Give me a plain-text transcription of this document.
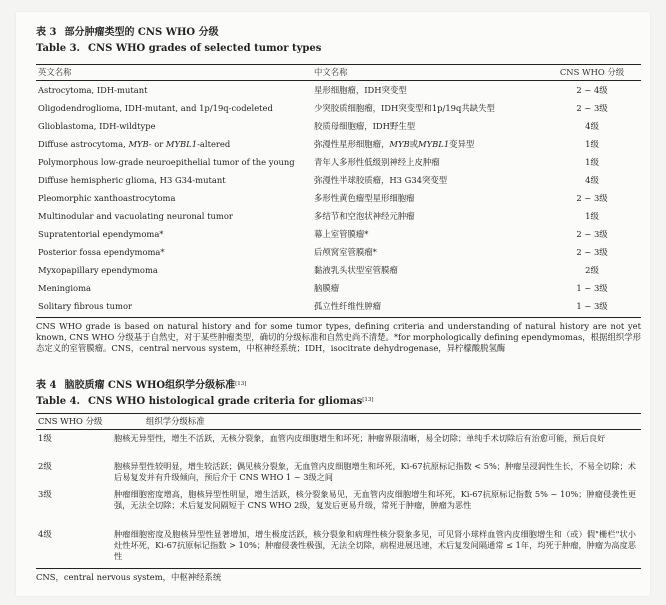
表 3 部分肿瘤类型的 CNS WHO 分级
Table 3. CNS WHO grades of selected tumor types
英文名称	中文名称	CNS WHO 分级
Astrocytoma, IDH-mutant	星形细胞瘤，IDH突变型	2 ~ 4级
Oligodendroglioma, IDH-mutant, and 1p/19q-codeleted	少突胶质细胞瘤，IDH突变型和1p/19q共缺失型	2 ~ 3级
Glioblastoma, IDH-wildtype	胶质母细胞瘤，IDH野生型	4级
Diffuse astrocytoma, MYB- or MYBL1-altered	弥漫性星形细胞瘤，MYB或MYBL1变异型	1级
Polymorphous low-grade neuroepithelial tumor of the young 青年人多形性低级别神经上皮肿瘤	1级
Diffuse hemispheric glioma, H3 G34-mutant	弥漫性半球胶质瘤，H3 G34突变型	4级
Pleomorphic xanthoastrocytoma	多形性黄色瘤型星形细胞瘤	2 ~ 3级
Multinodular and vacuolating neuronal tumor	多结节和空泡状神经元肿瘤	1级
Supratentorial ependymoma*	幕上室管膜瘤*	2 ~ 3级
Posterior fossa ependymoma*	后颅窝室管膜瘤*	2 ~ 3级
Myxopapillary ependymoma	黏液乳头状型室管膜瘤	2级
Meningioma	脑膜瘤	1 ~ 3级
Solitary fibrous tumor	孤立性纤维性肿瘤	1 ~ 3级
CNS WHO grade is based on natural history and for some tumor types, defining criteria and understanding of natural history are not yet known, CNS WHO 分级基于自然史，对于某些肿瘤类型，确切的分级标准和自然史尚不清楚。*for morphologically defining ependymomas，根据组织学形态定义的室管膜瘤。CNS，central nervous system，中枢神经系统；IDH，isocitrate dehydrogenase，异柠檬酸脱氢酶
表 4 脑胶质瘤 CNS WHO组织学分级标准[13]
Table 4. CNS WHO histological grade criteria for gliomas[13]
CNS WHO 分级	组织学分级标准
1级	胞核无异型性，增生不活跃，无核分裂象，血管内皮细胞增生和坏死；肿瘤界限清晰，易全切除；单纯手术切除后有治愈可能，预后良好
2级	胞核异型性较明显，增生较活跃；偶见核分裂象，无血管内皮细胞增生和坏死，Ki-67抗原标记指数 < 5%；肿瘤呈浸润性生长，不易全切除；术后易复发并有升级倾向，预后介于 CNS WHO 1 ~ 3级之间
3级	肿瘤细胞密度增高，胞核异型性明显，增生活跃，核分裂象易见，无血管内皮细胞增生和坏死，Ki-67抗原标记指数 5% ~ 10%；肿瘤侵袭性更强，无法全切除；术后复发间隔短于 CNS WHO 2级，复发后更易升级，常死于肿瘤，肿瘤为恶性
4级	肿瘤细胞密度及胞核异型性显著增加，增生极度活跃，核分裂象和病理性核分裂象多见，可见肾小球样血管内皮细胞增生和（或）假"栅栏"状小灶性坏死，Ki-67抗原标记指数 > 10%；肿瘤侵袭性极强，无法全切除，病程进展迅速，术后复发间隔通常 ≤ 1年，均死于肿瘤，肿瘤为高度恶性
CNS，central nervous system，中枢神经系统
